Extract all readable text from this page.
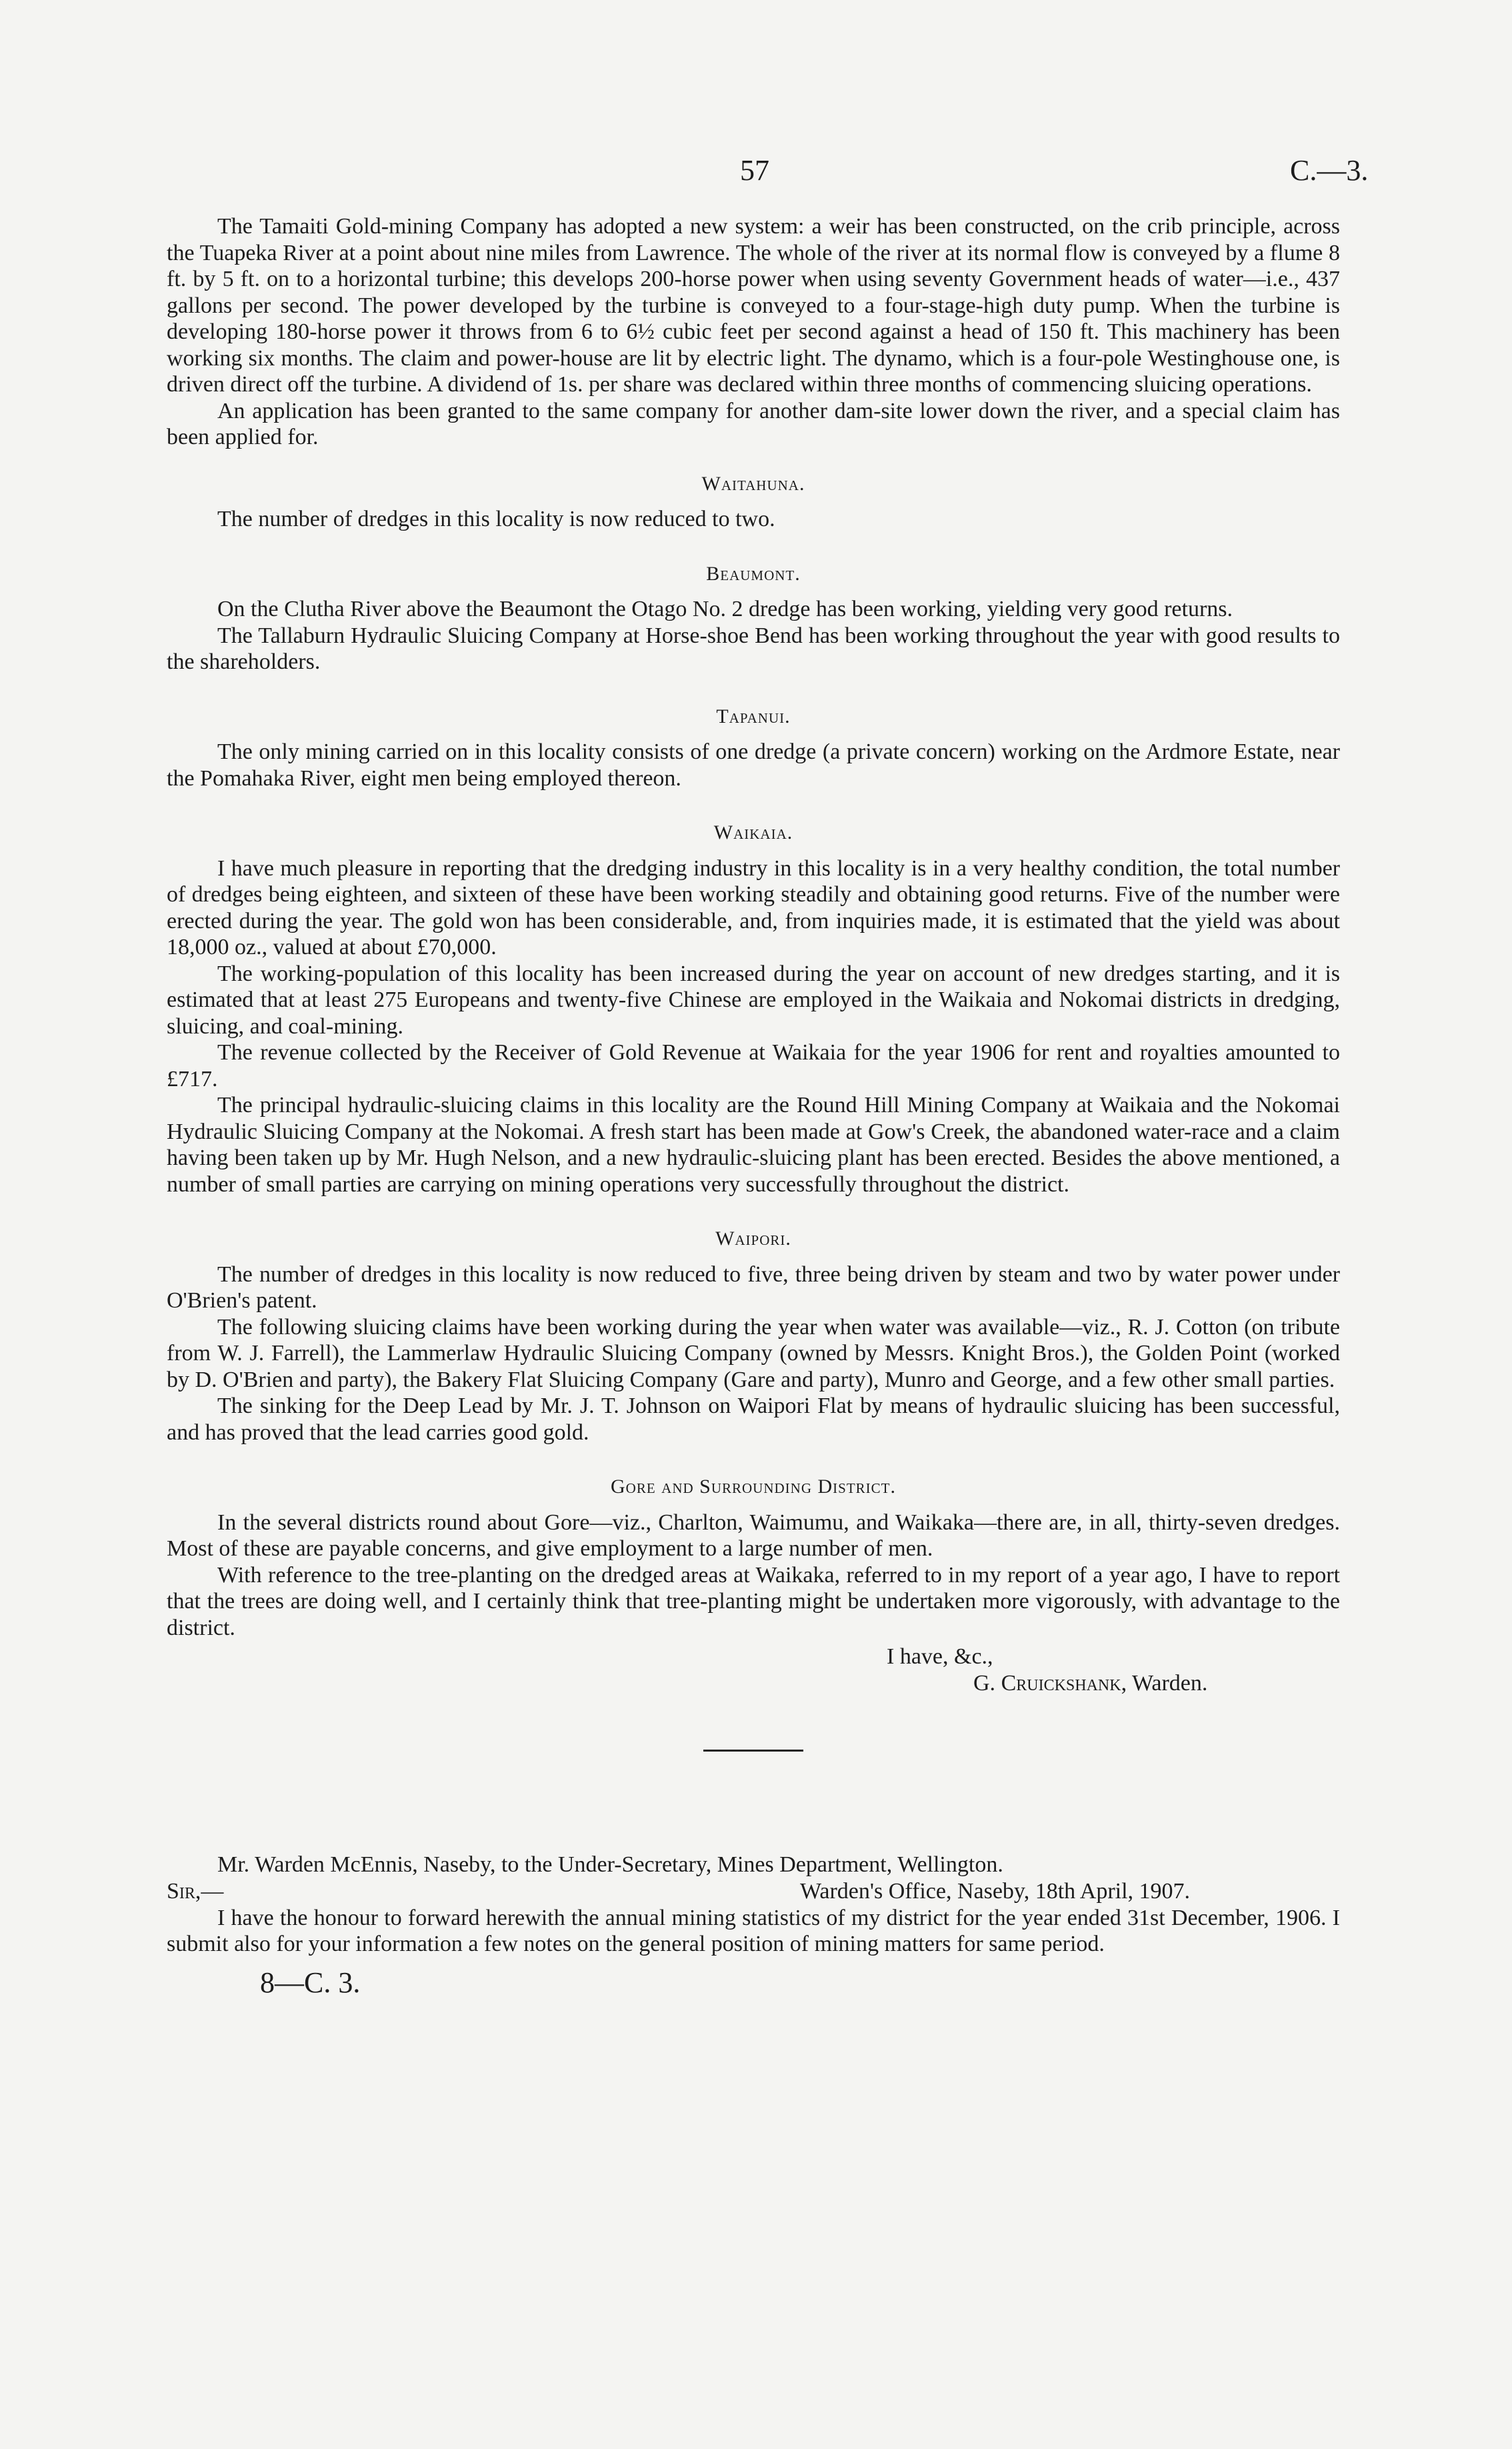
57	C.—3.

The Tamaiti Gold-mining Company has adopted a new system: a weir has been constructed, on the crib principle, across the Tuapeka River at a point about nine miles from Lawrence. The whole of the river at its normal flow is conveyed by a flume 8 ft. by 5 ft. on to a horizontal turbine; this develops 200-horse power when using seventy Government heads of water—i.e., 437 gallons per second. The power developed by the turbine is conveyed to a four-stage-high duty pump. When the turbine is developing 180-horse power it throws from 6 to 6½ cubic feet per second against a head of 150 ft. This machinery has been working six months. The claim and power-house are lit by electric light. The dynamo, which is a four-pole Westinghouse one, is driven direct off the turbine. A dividend of 1s. per share was declared within three months of commencing sluicing operations.

An application has been granted to the same company for another dam-site lower down the river, and a special claim has been applied for.

Waitahuna.

The number of dredges in this locality is now reduced to two.

Beaumont.

On the Clutha River above the Beaumont the Otago No. 2 dredge has been working, yielding very good returns.

The Tallaburn Hydraulic Sluicing Company at Horse-shoe Bend has been working throughout the year with good results to the shareholders.

Tapanui.

The only mining carried on in this locality consists of one dredge (a private concern) working on the Ardmore Estate, near the Pomahaka River, eight men being employed thereon.

Waikaia.

I have much pleasure in reporting that the dredging industry in this locality is in a very healthy condition, the total number of dredges being eighteen, and sixteen of these have been working steadily and obtaining good returns. Five of the number were erected during the year. The gold won has been considerable, and, from inquiries made, it is estimated that the yield was about 18,000 oz., valued at about £70,000.

The working-population of this locality has been increased during the year on account of new dredges starting, and it is estimated that at least 275 Europeans and twenty-five Chinese are employed in the Waikaia and Nokomai districts in dredging, sluicing, and coal-mining.

The revenue collected by the Receiver of Gold Revenue at Waikaia for the year 1906 for rent and royalties amounted to £717.

The principal hydraulic-sluicing claims in this locality are the Round Hill Mining Company at Waikaia and the Nokomai Hydraulic Sluicing Company at the Nokomai. A fresh start has been made at Gow's Creek, the abandoned water-race and a claim having been taken up by Mr. Hugh Nelson, and a new hydraulic-sluicing plant has been erected. Besides the above mentioned, a number of small parties are carrying on mining operations very successfully throughout the district.

Waipori.

The number of dredges in this locality is now reduced to five, three being driven by steam and two by water power under O'Brien's patent.

The following sluicing claims have been working during the year when water was available—viz., R. J. Cotton (on tribute from W. J. Farrell), the Lammerlaw Hydraulic Sluicing Company (owned by Messrs. Knight Bros.), the Golden Point (worked by D. O'Brien and party), the Bakery Flat Sluicing Company (Gare and party), Munro and George, and a few other small parties.

The sinking for the Deep Lead by Mr. J. T. Johnson on Waipori Flat by means of hydraulic sluicing has been successful, and has proved that the lead carries good gold.

Gore and Surrounding District.

In the several districts round about Gore—viz., Charlton, Waimumu, and Waikaka—there are, in all, thirty-seven dredges. Most of these are payable concerns, and give employment to a large number of men.

With reference to the tree-planting on the dredged areas at Waikaka, referred to in my report of a year ago, I have to report that the trees are doing well, and I certainly think that tree-planting might be undertaken more vigorously, with advantage to the district.

I have, &c.,
G. Cruickshank, Warden.
Mr. Warden McEnnis, Naseby, to the Under-Secretary, Mines Department, Wellington.
Sir,—	Warden's Office, Naseby, 18th April, 1907.

I have the honour to forward herewith the annual mining statistics of my district for the year ended 31st December, 1906. I submit also for your information a few notes on the general position of mining matters for same period.

8—C. 3.
